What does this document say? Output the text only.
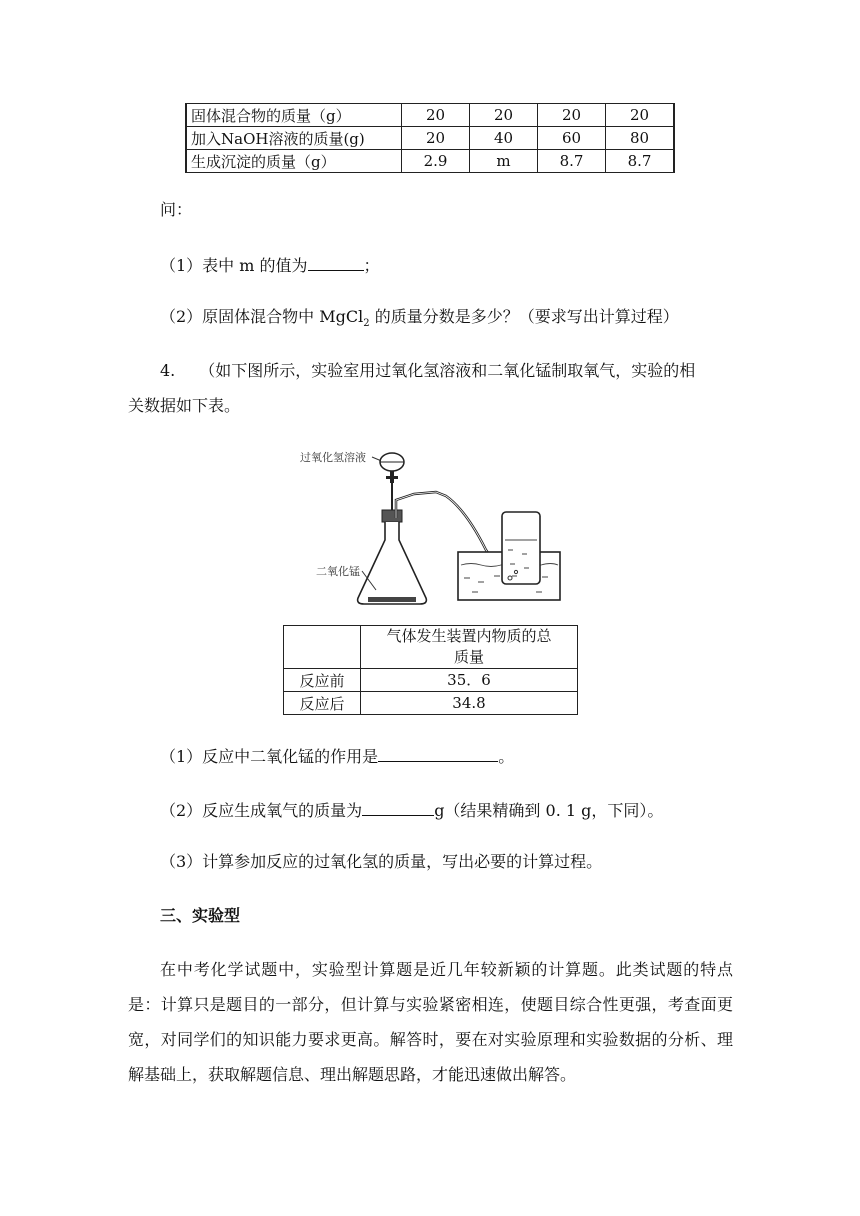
固体混合物的质量（g）	20	20	20	20
加入NaOH溶液的质量(g)	20	40	60	80
生成沉淀的质量（g）	2.9	m	8.7	8.7
问：
（1）表中 m 的值为	；
（2）原固体混合物中 MgCl$_2$ 的质量分数是多少？（要求写出计算过程）
4. （如下图所示，实验室用过氧化氢溶液和二氧化锰制取氧气，实验的相
关数据如下表。
过氧化氢溶液
二氧化锰
	气体发生装置内物质的总
质量
反应前	35．6
反应后	34.8
（1）反应中二氧化锰的作用是	。
（2）反应生成氧气的质量为	g（结果精确到 0. 1 g，下同）。
（3）计算参加反应的过氧化氢的质量，写出必要的计算过程。
三、实验型
在中考化学试题中，实验型计算题是近几年较新颖的计算题。此类试题的特点是：计算只是题目的一部分，但计算与实验紧密相连，使题目综合性更强，考查面更宽，对同学们的知识能力要求更高。解答时，要在对实验原理和实验数据的分析、理解基础上，获取解题信息、理出解题思路，才能迅速做出解答。
